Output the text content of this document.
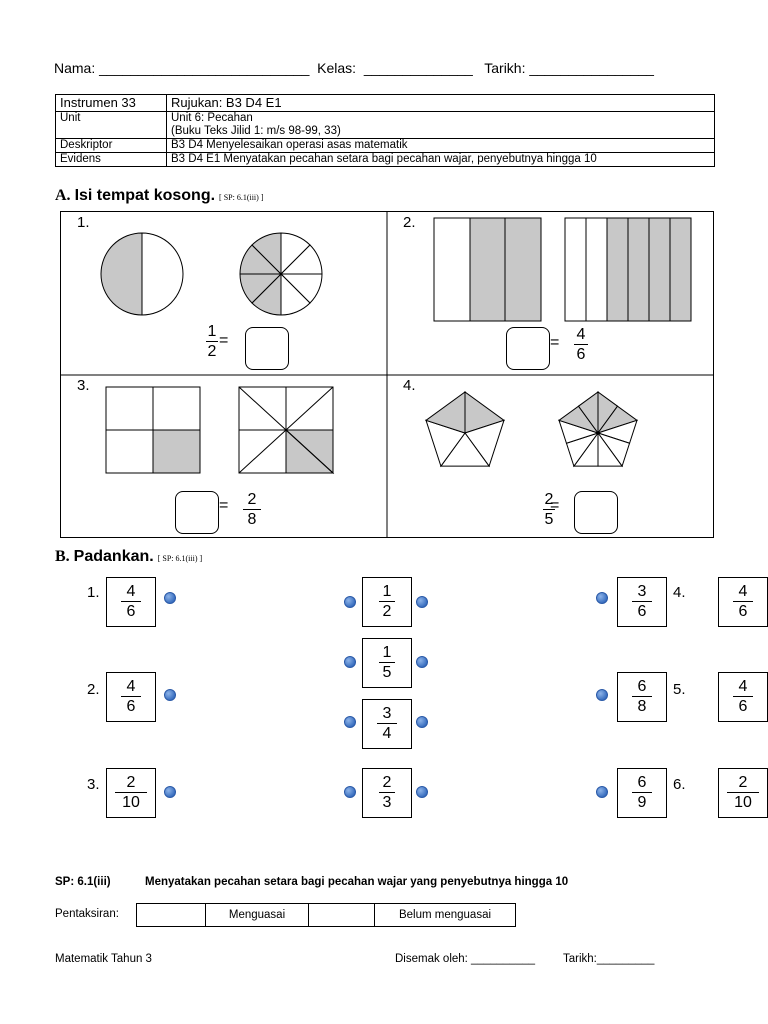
Nama: ___________________________  Kelas:  ______________   Tarikh: ________________
Instrumen 33	Rujukan: B3 D4 E1
Unit	Unit 6: Pecahan
(Buku Teks Jilid 1: m/s 98-99, 33)
Deskriptor	B3 D4 Menyelesaikan operasi asas matematik
Evidens	B3 D4 E1 Menyatakan pecahan setara bagi pecahan wajar, penyebutnya hingga 10
A. Isi tempat kosong. [ SP: 6.1(iii) ]
1.	2.
3.	4.
1
2
=	= 4
6
= 2
8
2
5
=
B. Padankan. [ SP: 6.1(iii) ]
1.	4
6
2.	4
6
3.	2
10
1
2
1
5
3
4
2
3
3
6
6
8
6
9
4.	4
6
5.	4
6
6.	2
10
SP: 6.1(iii)	Menyatakan pecahan setara bagi pecahan wajar yang penyebutnya hingga 10
Pentaksiran:
		Menguasai		Belum menguasai
Matematik Tahun 3	Disemak oleh: __________ Tarikh:_________
